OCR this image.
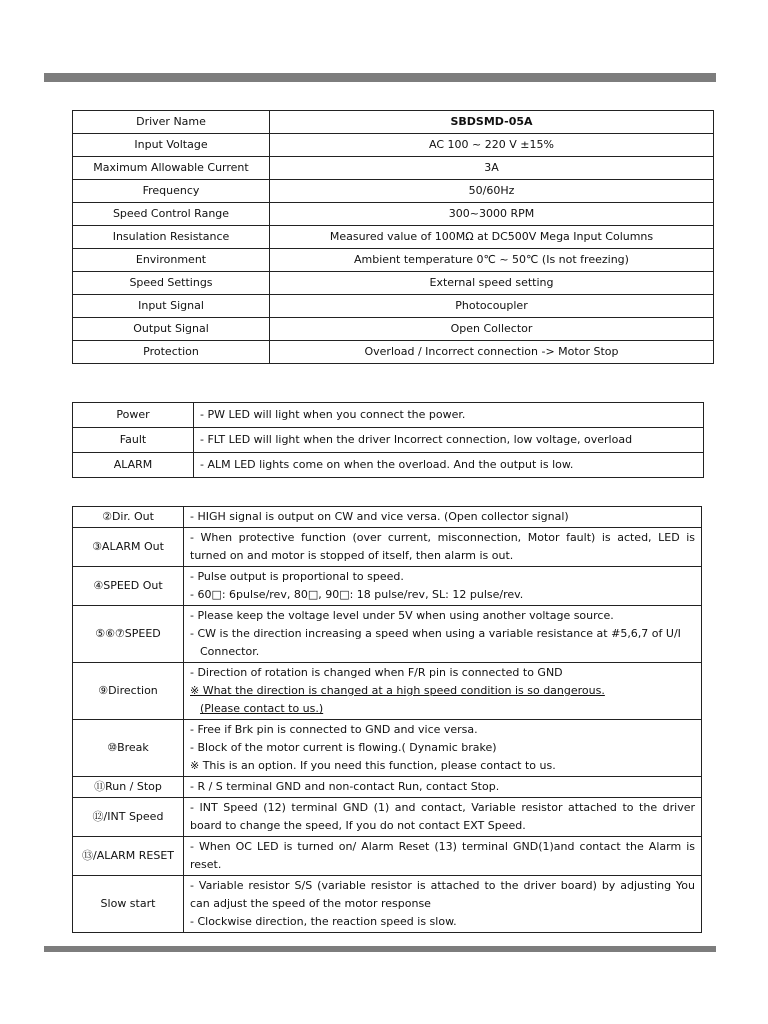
Driver Name	SBDSMD-05A
Input Voltage	AC 100 ~ 220 V ±15%
Maximum Allowable Current	3A
Frequency	50/60Hz
Speed Control Range	300~3000 RPM
Insulation Resistance	Measured value of 100MΩ at DC500V Mega Input Columns
Environment	Ambient temperature 0℃ ~ 50℃ (Is not freezing)
Speed Settings	External speed setting
Input Signal	Photocoupler
Output Signal	Open Collector
Protection	Overload / Incorrect connection -> Motor Stop
Power	- PW LED will light when you connect the power.
Fault	- FLT LED will light when the driver Incorrect connection, low voltage, overload
ALARM	- ALM LED lights come on when the overload. And the output is low.
②Dir. Out	- HIGH signal is output on CW and vice versa. (Open collector signal)

③ALARM Out	- When protective function (over current, misconnection, Motor fault) is acted, LED is turned on and motor is stopped of itself, then alarm is out.

④SPEED Out	- Pulse output is proportional to speed.
- 60□: 6pulse/rev, 80□, 90□: 18 pulse/rev, SL: 12 pulse/rev.

⑤⑥⑦SPEED	- Please keep the voltage level under 5V when using another voltage source.
- CW is the direction increasing a speed when using a variable resistance at #5,6,7 of U/I
Connector.

⑨Direction	- Direction of rotation is changed when F/R pin is connected to GND
※ What the direction is changed at a high speed condition is so dangerous.
(Please contact to us.)

⑩Break	- Free if Brk pin is connected to GND and vice versa.
- Block of the motor current is flowing.( Dynamic brake)
※ This is an option. If you need this function, please contact to us.

⑪Run / Stop	- R / S terminal GND and non-contact Run, contact Stop.

⑫/INT Speed	- INT Speed (12) terminal GND (1) and contact, Variable resistor attached to the driver board to change the speed, If you do not contact EXT Speed.

⑬/ALARM RESET	- When OC LED is turned on/ Alarm Reset (13) terminal GND(1)and contact the Alarm is reset.

Slow start	- Variable resistor S/S (variable resistor is attached to the driver board) by adjusting You can adjust the speed of the motor response
- Clockwise direction, the reaction speed is slow.
